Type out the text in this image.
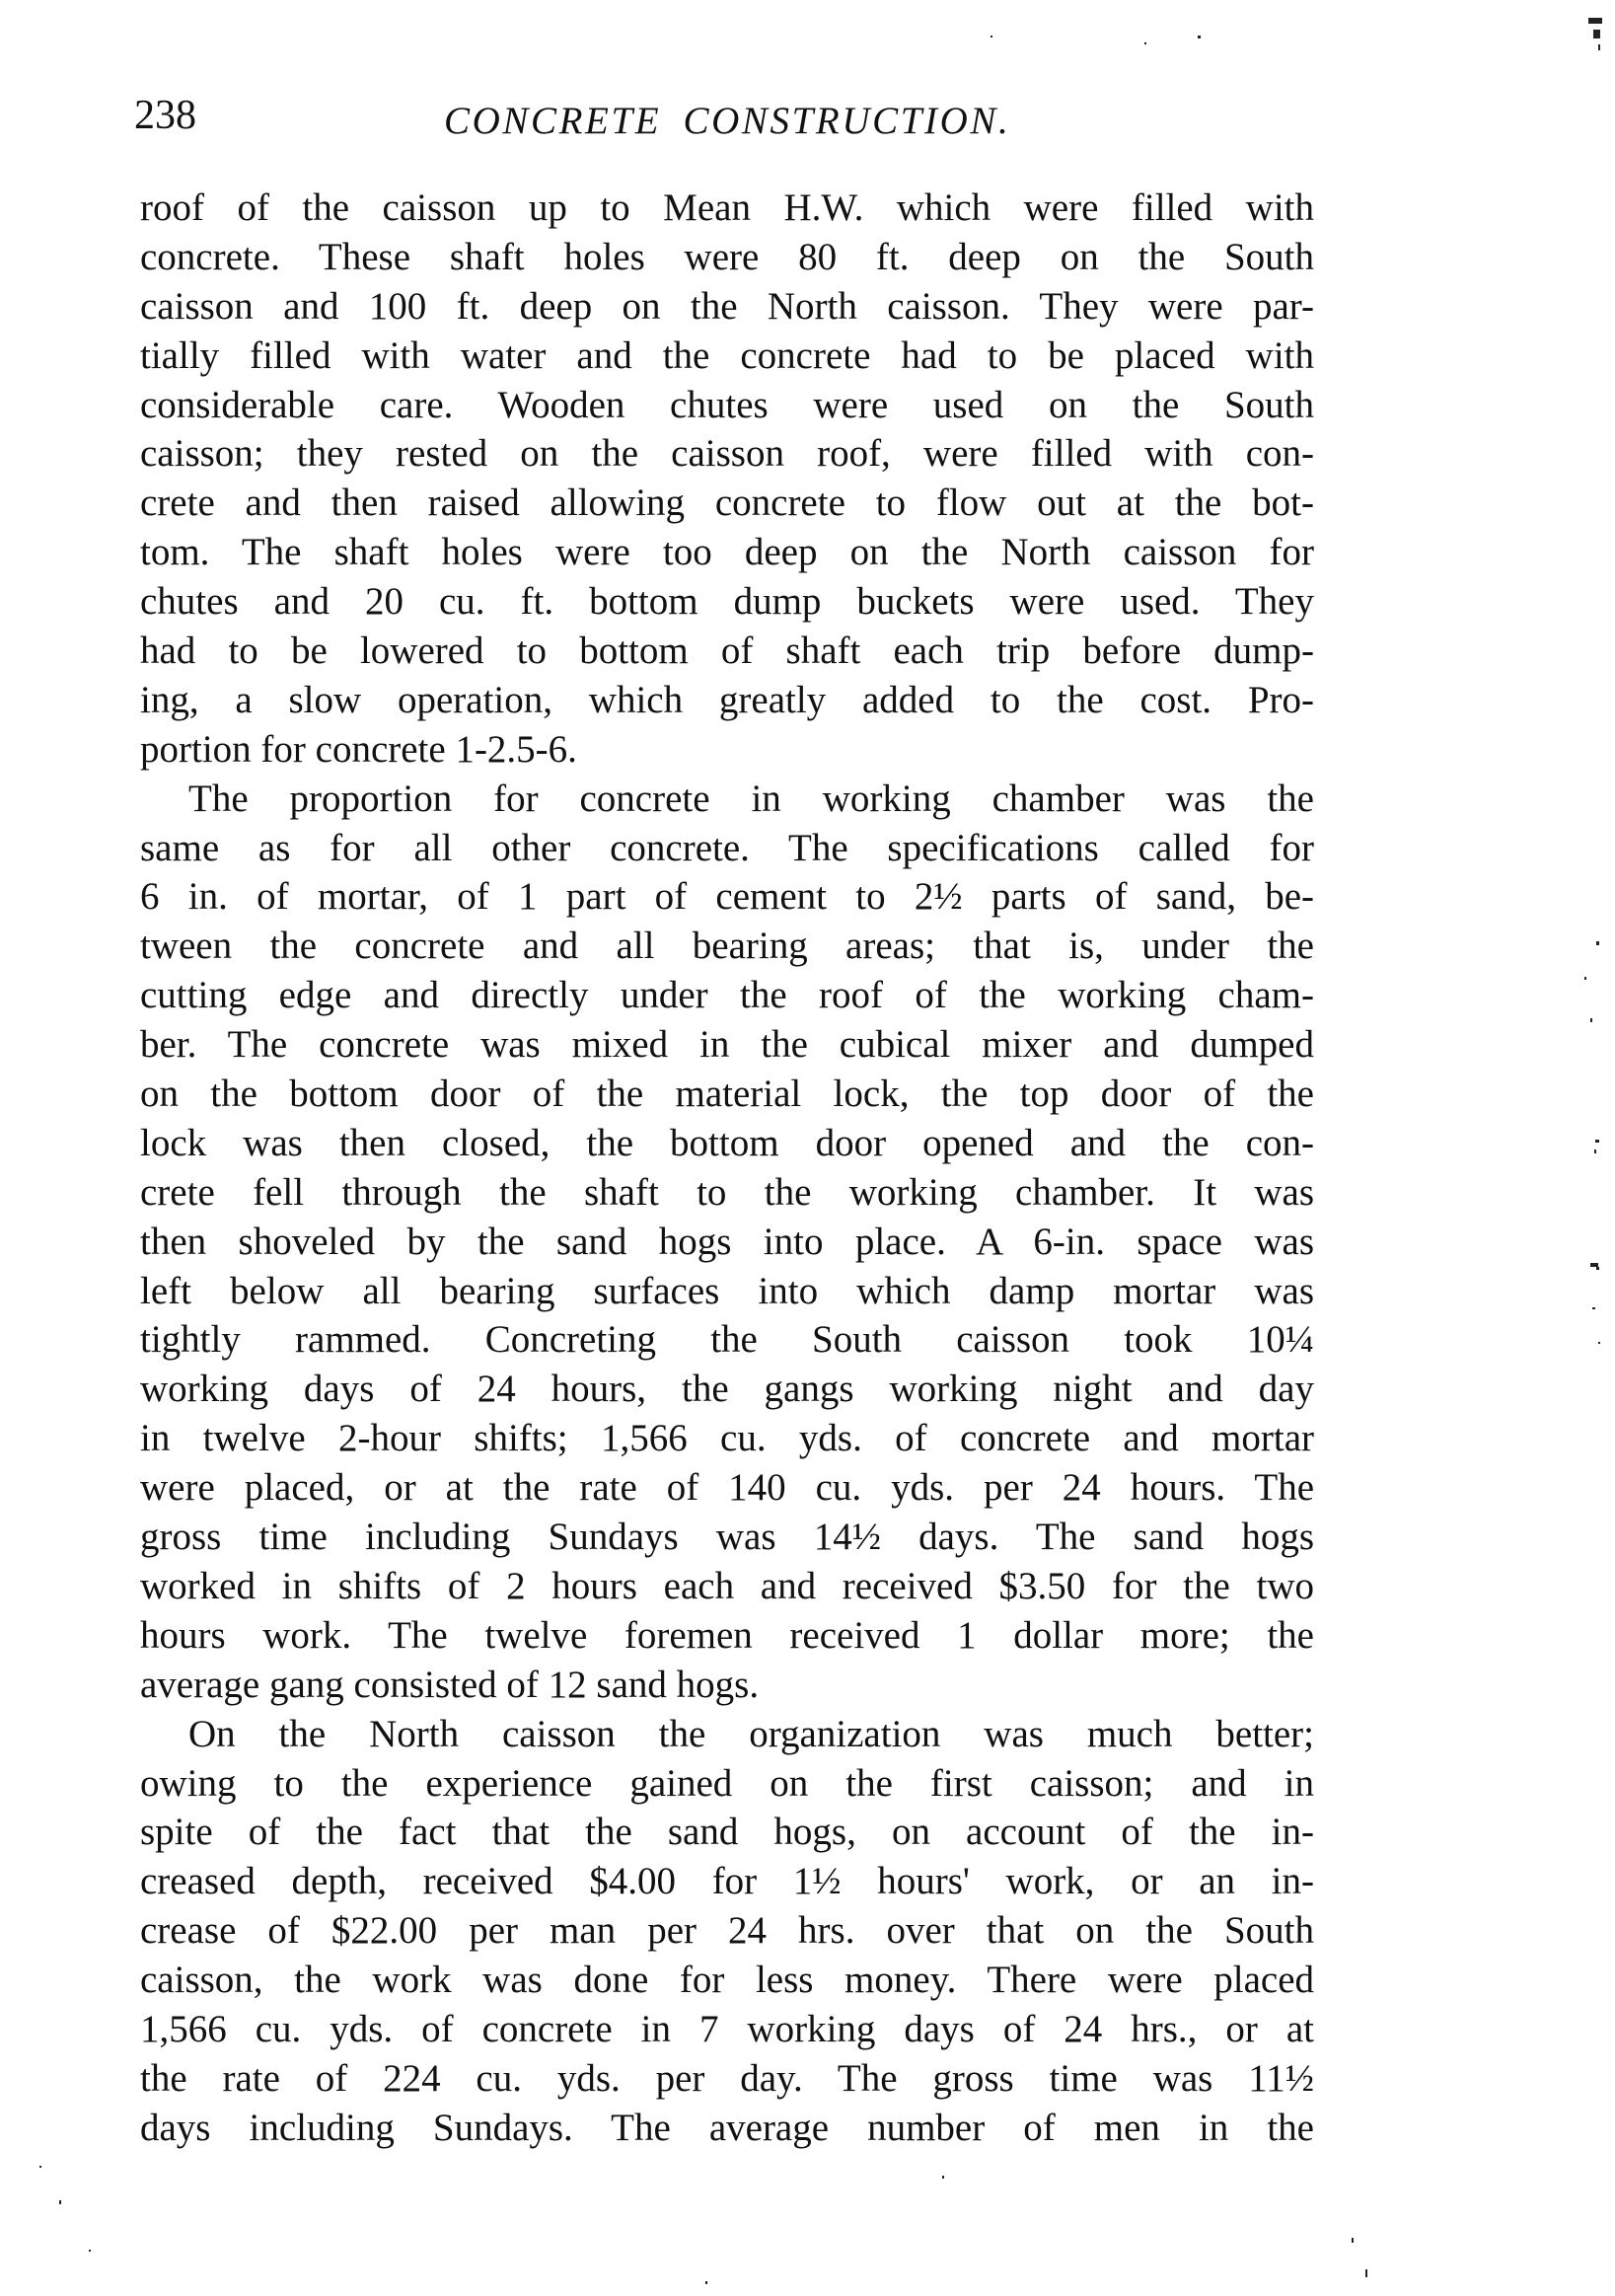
238	CONCRETE CONSTRUCTION.
roof of the caisson up to Mean H.W. which were filled with
concrete. These shaft holes were 80 ft. deep on the South
caisson and 100 ft. deep on the North caisson. They were par-
tially filled with water and the concrete had to be placed with
considerable care. Wooden chutes were used on the South
caisson; they rested on the caisson roof, were filled with con-
crete and then raised allowing concrete to flow out at the bot-
tom. The shaft holes were too deep on the North caisson for
chutes and 20 cu. ft. bottom dump buckets were used. They
had to be lowered to bottom of shaft each trip before dump-
ing, a slow operation, which greatly added to the cost. Pro-
portion for concrete 1-2.5-6.
The proportion for concrete in working chamber was the
same as for all other concrete. The specifications called for
6 in. of mortar, of 1 part of cement to 2½ parts of sand, be-
tween the concrete and all bearing areas; that is, under the
cutting edge and directly under the roof of the working cham-
ber. The concrete was mixed in the cubical mixer and dumped
on the bottom door of the material lock, the top door of the
lock was then closed, the bottom door opened and the con-
crete fell through the shaft to the working chamber. It was
then shoveled by the sand hogs into place. A 6-in. space was
left below all bearing surfaces into which damp mortar was
tightly rammed. Concreting the South caisson took 10¼
working days of 24 hours, the gangs working night and day
in twelve 2-hour shifts; 1,566 cu. yds. of concrete and mortar
were placed, or at the rate of 140 cu. yds. per 24 hours. The
gross time including Sundays was 14½ days. The sand hogs
worked in shifts of 2 hours each and received $3.50 for the two
hours work. The twelve foremen received 1 dollar more; the
average gang consisted of 12 sand hogs.
On the North caisson the organization was much better;
owing to the experience gained on the first caisson; and in
spite of the fact that the sand hogs, on account of the in-
creased depth, received $4.00 for 1½ hours' work, or an in-
crease of $22.00 per man per 24 hrs. over that on the South
caisson, the work was done for less money. There were placed
1,566 cu. yds. of concrete in 7 working days of 24 hrs., or at
the rate of 224 cu. yds. per day. The gross time was 11½
days including Sundays. The average number of men in the
